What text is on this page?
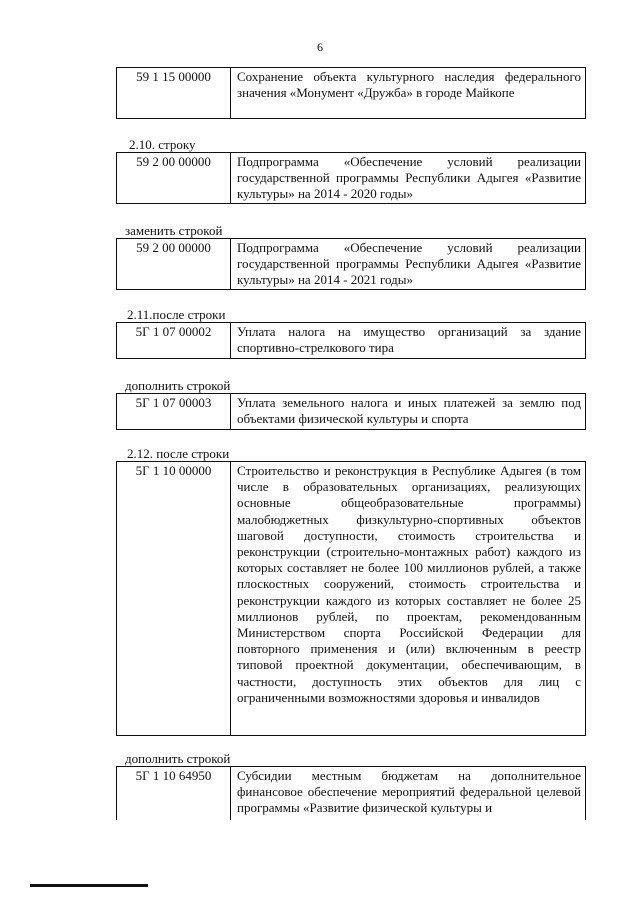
6
59 1 15 00000	Сохранение объекта культурного наследия федерального значения «Монумент «Дружба» в городе Майкопе
2.10. строку
59 2 00 00000	Подпрограмма «Обеспечение условий реализации государственной программы Республики Адыгея «Развитие культуры» на 2014 - 2020 годы»
заменить строкой
59 2 00 00000	Подпрограмма «Обеспечение условий реализации государственной программы Республики Адыгея «Развитие культуры» на 2014 - 2021 годы»
2.11.после строки
5Г 1 07 00002	Уплата налога на имущество организаций за здание спортивно-стрелкового тира
дополнить строкой
5Г 1 07 00003	Уплата земельного налога и иных платежей за землю под объектами физической культуры и спорта
2.12. после строки
5Г 1 10 00000	Строительство и реконструкция в Республике Адыгея (в том числе в образовательных организациях, реализующих основные общеобразовательные программы) малобюджетных физкультурно-спортивных объектов шаговой доступности, стоимость строительства и реконструкции (строительно-монтажных работ) каждого из которых составляет не более 100 миллионов рублей, а также плоскостных сооружений, стоимость строительства и реконструкции каждого из которых составляет не более 25 миллионов рублей, по проектам, рекомендованным Министерством спорта Российской Федерации для повторного применения и (или) включенным в реестр типовой проектной документации, обеспечивающим, в частности, доступность этих объектов для лиц с ограниченными возможностями здоровья и инвалидов
дополнить строкой
5Г 1 10 64950	Субсидии местным бюджетам на дополнительное финансовое обеспечение мероприятий федеральной целевой программы «Развитие физической культуры и
